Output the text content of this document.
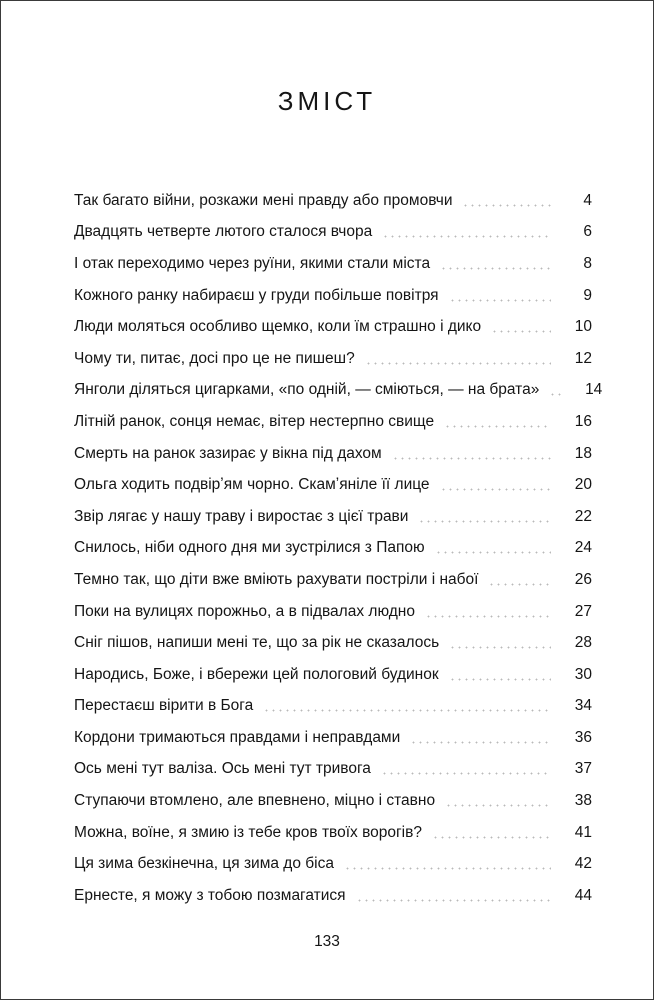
ЗМІСТ
Так багато війни, розкажи мені правду або промовчи	4
Двадцять четверте лютого сталося вчора	6
І отак переходимо через руїни, якими стали міста	8
Кожного ранку набираєш у груди побільше повітря	9
Люди моляться особливо щемко, коли їм страшно і дико	10
Чому ти, питає, досі про це не пишеш?	12
Янголи діляться цигарками, «по одній, — сміються, — на брата»	14
Літній ранок, сонця немає, вітер нестерпно свище	16
Смерть на ранок зазирає у вікна під дахом	18
Ольга ходить подвірʼям чорно. Скамʼяніле її лице	20
Звір лягає у нашу траву і виростає з цієї трави	22
Снилось, ніби одного дня ми зустрілися з Папою	24
Темно так, що діти вже вміють рахувати постріли і набої	26
Поки на вулицях порожньо, а в підвалах людно	27
Сніг пішов, напиши мені те, що за рік не сказалось	28
Народись, Боже, і вбережи цей пологовий будинок	30
Перестаєш вірити в Бога	34
Кордони тримаються правдами і неправдами	36
Ось мені тут валіза. Ось мені тут тривога	37
Ступаючи втомлено, але впевнено, міцно і ставно	38
Можна, воїне, я змию із тебе кров твоїх ворогів?	41
Ця зима безкінечна, ця зима до біса	42
Ернесте, я можу з тобою позмагатися	44
133
